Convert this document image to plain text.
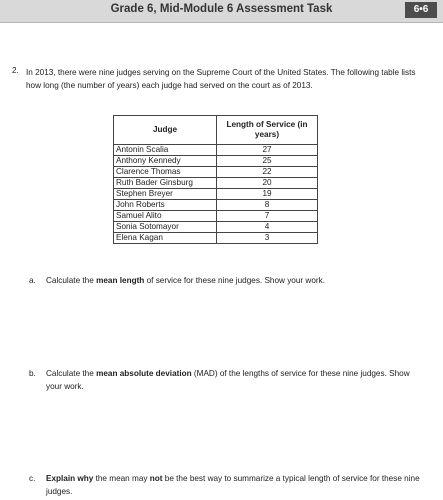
Grade 6, Mid-Module 6 Assessment Task	6•6
2. In 2013, there were nine judges serving on the Supreme Court of the United States. The following table lists how long (the number of years) each judge had served on the court as of 2013.
Judge	Length of Service (in years)
Antonin Scalia	27
Anthony Kennedy	25
Clarence Thomas	22
Ruth Bader Ginsburg	20
Stephen Breyer	19
John Roberts	8
Samuel Alito	7
Sonia Sotomayor	4
Elena Kagan	3
a. Calculate the mean length of service for these nine judges. Show your work.
b. Calculate the mean absolute deviation (MAD) of the lengths of service for these nine judges. Show your work.
c. Explain why the mean may not be the best way to summarize a typical length of service for these nine judges.
